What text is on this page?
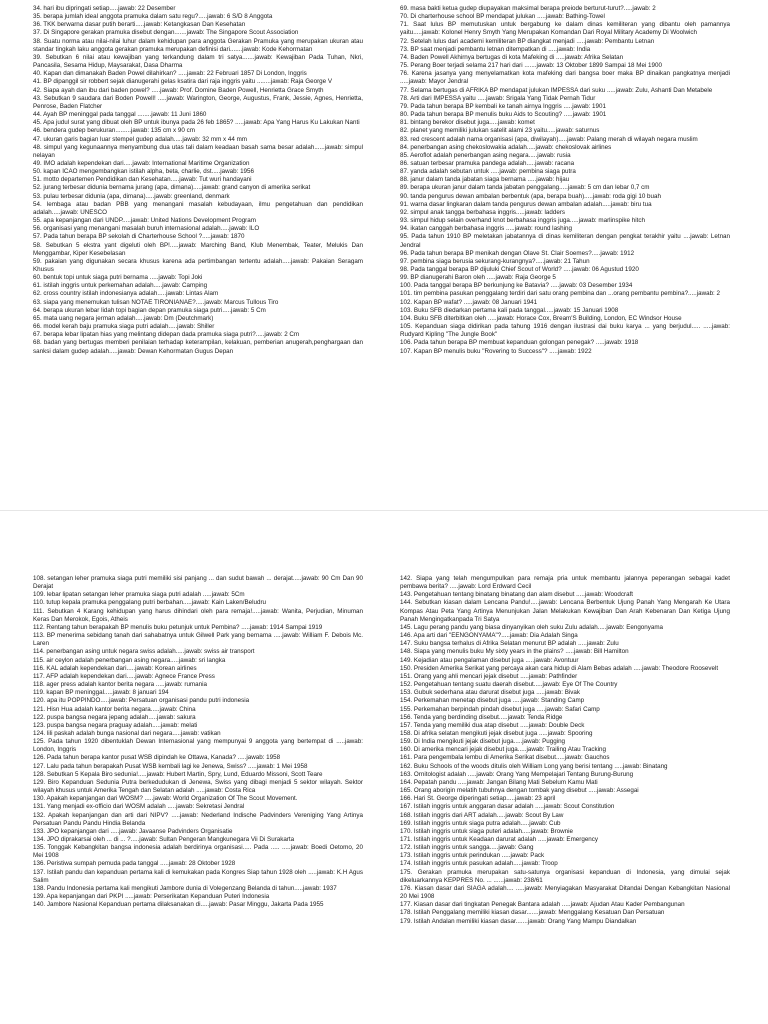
34. hari ibu dipringati setiap.....jawab: 22 Desember

35. berapa jumlah ideal anggota pramuka dalam satu regu?.....jawab: 6 S/D 8 Anggota

36. TKK berwarna dasar putih berarti.....jawab: Ketangkasan Dan Kesehatan

37. Di Singapore gerakan pramuka disebut dengan.......jawab: The Singapore Scout Association

38. Suatu norma atau nilai-nilai luhur dalam kehidupan para anggota Gerakan Pramuka yang merupakan ukuran atau standar tingkah laku anggota gerakan pramuka merupakan definisi dari.......jawab: Kode Kehormatan

39. Sebutkan 6 nilai atau kewajiban yang terkandung dalam tri satya.......jawab: Kewajiban Pada Tuhan, Nkri, Pancasila, Sesama Hidup, Maysarakat, Dasa Dharma

40. Kapan dan dimanakah Baden Powel dilahirkan? .....jawab: 22 Februari 1857 Di London, Inggris

41. BP dipanggil sir robbert sejak dianugerahi gelas ksatira dari raja inggris yaitu ........jawab: Raja George V

42. Siapa ayah dan ibu dari baden powel? .....jawab: Prof. Domine Baden Powell, Henrietta Grace Smyth

43. Sebutkan 9 saudara dari Boden Powell! .....jawab: Warington, George, Augustus, Frank, Jessie, Agnes, Henrietta, Penrose, Baden Flatcher

44. Ayah BP meninggal pada tanggal ........jawab: 11 Juni 1860

45. Apa judul surat yang dibuat oleh BP untuk ibunya pada 26 feb 1865? .....jawab: Apa Yang Harus Ku Lakukan Nanti

46. bendera gudep berukuran.........jawab: 135 cm x 90 cm

47. ukuran garis bagian luar stempel gudep adalah.....jawab: 32 mm x 44 mm

48. simpul yang kegunaannya menyambung dua utas tali dalam keadaan basah sama besar adalah......jawab: simpul nelayan

49. IMO adalah kependekan dari.....jawab: International Maritime Organization

50. kapan ICAO mengembangkan istilah alpha, beta, charlie, dst.....jawab: 1956

51. motto departemen Pendidikan dan Kesehatan.....jawab: Tut wuri handayani

52. jurang terbesar didunia bernama jurang (apa, dimana).....jawab: grand canyon di amerika serikat

53. pulau terbesar didunia (apa, dimana).....jawab: greenland, denmark

54. lembaga atau badan PBB yang menangani masalah kebudayaan, ilmu pengetahuan dan pendidikan adalah.....jawab: UNESCO

55. apa kepanjangan dari UNDP.....jawab: United Nations Development Program

56. organisasi yang menangani masalah buruh internasional adalah.....jawab: ILO

57. Pada tahun berapa BP sekolah di Charterhouse School ?.....jawab: 1870

58. Sebutkan 5 ekstra yant digeluti oleh BP!.....jawab: Marching Band, Klub Menembak, Teater, Melukis Dan Menggambar, Kiper Kesebelasan

59. pakaian yang digunakan secara khusus karena ada pertimbangan tertentu adalah.....jawab: Pakaian Seragam Khusus

60. bentuk topi untuk siaga putri bernama .....jawab: Topi Joki

61. istilah inggris untuk perkemahan adalah.....jawab: Camping

62. cross country istilah indonesianya adalah.....jawab: Lintas Alam

63. siapa yang menemukan tulisan NOTAE TIRONIANAE?.....jawab: Marcus Tullous Tiro

64. berapa ukuran lebar lidah topi bagian depan pramuka siaga putri.....jawab: 5 Cm

65. mata uang negara jerman adalah.....jawab: Dm (Deutchmark)

66. model kerah baju pramuka siaga putri adalah.....jawab: Shiller

67. berapa lebar lipatan hias yang melintang didepan dada pramuka siaga putri?.....jawab: 2 Cm

68. badan yang bertugas memberi penilaian terhadap keterampilan, kelakuan, pemberian anugerah,penghargaan dan sanksi dalam gudep adalah.....jawab: Dewan Kehormatan Gugus Depan

69. masa bakti ketua gudep diupayakan maksimal berapa preiode berturut-turut?.....jawab: 2

70. Di charterhouse school BP mendapat julukan .....jawab: Bathing-Towel

71. Saat lulus BP memutuskan untuk bergabung ke dalam dinas kemiliteran yang dibantu oleh pamannya yaitu.....jawab: Kolonel Henry Smyth Yang Merupakan Komandan Dari Royal Military Academy Di Woolwich

72. Setelah lulus dari academi kemiliteran BP diangkat menjadi .....jawab: Pembantu Letnan

73. BP saat menjadi pembantu letnan ditempatkan di .....jawab: India

74. Baden Powell Akhirnya bertugas di kota Mafeking di .....jawab: Afrika Selatan

75. Perang Boer terjadi selama 217 hari dari .......jawab: 13 Oktober 1899 Sampai 18 Mei 1900

76. Karena jasanya yang menyelamatkan kota mafeking dari bangsa boer maka BP dinaikan pangkatnya menjadi .....jawab: Mayor Jendral

77. Selama bertugas di AFRIKA BP mendapat julukan IMPESSA dari suku .....jawab: Zulu, Ashanti Dan Metabele

78. Arti dari IMPESSA yaitu .....jawab: Srigala Yang Tidak Pernah Tidur

79. Pada tahun berapa BP kembali ke tanah airnya Inggris .....jawab: 1901

80. Pada tahun berapa BP menulis buku Aids to Scouting? .....jawab: 1901

81. bintang berekor disebut juga.....jawab: komet

82. planet yang memiliki julukan satelit alami 23 yaitu.....jawab: saturnus

83. red crescent adalah nama organisasi (apa, diwilayah).....jawab: Palang merah di wilayah negara muslim

84. penerbangan asing chekoslowakia adalah.....jawab: chekoslovak airlines

85. Aeroflot adalah penerbangan asing negara.....jawab: rusia

86. satuan terbesar pramuka pandega adalah.....jawab: racana

87. yanda adalah sebutan untuk .....jawab: pembina siaga putra

88. janur dalam tanda jabatan siaga bernama .....jawab: hijau

89. berapa ukuran janur dalam tanda jabatan penggalang.....jawab: 5 cm dan lebar 0,7 cm

90. tanda pengurus dewan ambalan berbentuk (apa, berapa buah).....jawab: roda gigi 10 buah

91. warna dasar lingkaran dalam tanda pengurus dewan ambalan adalah.....jawab: biru tua

92. simpul anak tangga berbahasa inggris.....jawab: ladders

93. simpul hidup selain overhand knot berbahasa inggris juga.....jawab: marlinspike hitch

94. ikatan canggah berbahasa inggris .....jawab: round lashing

95. Pada tahun 1910 BP meletakan jabatannya di dinas kemiliteran dengan pengkat terakhir yaitu ....jawab: Letnan Jendral

96. Pada tahun berapa BP menikah dengan Olave St. Clair Soemes?.....jawab: 1912

97. pembina siaga berusia sekurang-kurangnya?.....jawab: 21 Tahun

98. Pada tanggal berapa BP dijuluki Chief Scout of World? .....jawab: 06 Agustud 1920

99. BP dianugerahi Baron oleh .....jawab: Raja George 5

100. Pada tanggal berapa BP berkunjung ke Batavia? .....jawab: 03 Desember 1934

101. tim pembina pasukan penggalang terdiri dari satu orang pembina dan ...orang pembantu pembina?.....jawab: 2

102. Kapan BP wafat? .....jawab: 08 Januari 1941

103. Buku SFB diedarkan pertama kali pada tanggal.....jawab: 15 Januari 1908

104. Buku SFB diterbitkan oleh .....jawab: Horace Cox, Bream'S Building, London, EC Windsor House

105. Kepanduan siaga didirikan pada tahung 1916 dengan ilustrasi dai buku karya ... yang berjudul..... .....jawab: Rudyard Kipling "The Jungle Book"

106. Pada tahun berapa BP membuat kepanduan golongan penegak? .....jawab: 1918

107. Kapan BP menulis buku "Rovering to Success"? .....jawab: 1922

108. setangan leher pramuka siaga putri memiliki sisi panjang ... dan sudut bawah ... derajat.....jawab: 90 Cm Dan 90 Derajat

109. lebar lipatan setangan leher pramuka siaga putri adalah .....jawab: 5Cm

110. tutup kepala pramuka penggalang putri berbahan.....jawab: Kain Laken/Beludru

111. Sebutkan 4 Karang kehidupan yang harus dihindari oleh para remaja!.....jawab: Wanita, Perjudian, Minuman Keras Dan Merokok, Egois, Atheis

112. Rentang tahun berapakah BP menulis buku petunjuk untuk Pembina? .....jawab: 1914 Sampai 1919

113. BP menerima sebidang tanah dari sahabatnya untuk Gilwell Park yang bernama .....jawab: William F. Debois Mc. Laren

114. penerbangan asing untuk negara swiss adalah.....jawab: swiss air transport

115. air ceylon adalah penerbangan asing negara.....jawab: sri langka

116. KAL adalah kependekan dari.....jawab: Korean airlines

117. AFP adalah kependekan dari.....jawab: Agnece France Press

118. ager press adalah kantor berita negara .....jawab: rumania

119. kapan BP meninggal.....jawab: 8 januari 194

120. apa itu POPPINDO.....jawab: Persatuan organisasi pandu putri indonesia

121. Hisn Hua adalah kantor berita negara.....jawab: China

122. puspa bangsa negara jepang adalah.....jawab: sakura

123. puspa bangsa negara praguay adalah.....jawab: melati

124. lili paskah adalah bunga nasional dari negara.....jawab: vatikan

125. Pada tahun 1920 dibentuklah Dewan Internasional yang mempunyai 9 anggota yang bertempat di .....jawab: London, Inggris

126. Pada tahun berapa kantor pusat WSB dipindah ke Ottawa, Kanada? .....jawab: 1958

127. Lalu pada tahun berapakah Pusat WSB kembali lagi ke Jenewa, Swiss? .....jawab: 1 Mei 1958

128. Sebutkan 5 Kepala Biro sedunia!.....jawab: Hubert Martin, Spry, Lund, Eduardo Missoni, Scott Teare

129. Biro Kepanduan Sedunia Putra berkedudukan di Jenewa, Swiss yang dibagi menjadi 5 sektor wilayah. Sektor wilayah khusus untuk Amerika Tengah dan Selatan adalah .....jawab: Costa Rica

130. Apakah kepanjangan dari WOSM? .....jawab: World Organization Of The Scout Movement.

131. Yang menjadi ex-officio dari WOSM adalah .....jawab: Sekretasi Jendral

132. Apakah kepanjangan dan arti dari NIPV? .....jawab: Nederland Indische Padvinders Vereniging Yang Artinya Persatuan Pandu Pandu Hindia Belanda

133. JPO kepanjangan dari .....jawab: Javaanse Padvinders Organisatie

134. JPO diprakarsai oleh ... di ... ?.....jawab: Sultan Pengeran Mangkunegara Vii Di Surakarta

135. Tonggak Kebangkitan bangsa indonesia adalah berdirinya organisasi..... Pada ..... .....jawab: Boedi Oetomo, 20 Mei 1908

136. Peristiwa sumpah pemuda pada tanggal .....jawab: 28 Oktober 1928

137. Istilah pandu dan kepanduan pertama kali di kemukakan pada Kongres Siap tahun 1928 oleh .....jawab: K.H Agus Salim

138. Pandu Indonesia pertama kali mengikuti Jambore dunia di Volegenzang Belanda di tahun.....jawab: 1937

139. Apa kepanjangan dari PKPI .....jawab: Perserikatan Kepanduan Puteri Indonesia

140. Jambore Nasional Kepanduan pertama dilaksanakan di.....jawab: Pasar Minggu, Jakarta Pada 1955

142. Siapa yang telah mengumpulkan para remaja pria untuk membantu jalannya peperangan sebagai kadet pembawa berita? .....jawab: Lord Erdward Cecil

143. Pengetahuan tentang binatang binatang dan alam disebut .....jawab: Woodcraft

144. Sebutkan kiasan dalam Lencana Pandu!.....jawab: Lencana Berbentuk Ujung Panah Yang Mengarah Ke Utara Kompas Atau Peta Yang Artinya Menunjukan Jalan Melakukan Kewajiban Dan Arah Kebenaran Dan Ketiga Ujung Panah Mengingatkanpada Tri Satya

145. Lagu perang pandu yang biasa dinyanyikan oleh suku Zulu adalah.....jawab: Eengonyama

146. Apa arti dari "EENGONYAMA"?.....jawab: Dia Adalah Singa

147. Suku bangsa terhalus di Afrika Selatan menurut BP adalah .....jawab: Zulu

148. Siapa yang menulis buku My sixty years in the plains? .....jawab: Bill Hamilton

149. Kejadian atau pengalaman disebut juga .....jawab: Avontuur

150. Presiden Amerika Serikat yang percaya akan cara hidup di Alam Bebas adalah .....jawab: Theodore Roosevelt

151. Orang yang ahli mencari jejak disebut .....jawab: Pathfinder

152. Pengetahuan tentang suatu daerah disebut.....jawab: Eye Of The Country

153. Gubuk sederhana atau darurat disebut juga .....jawab: Bivak

154. Perkemahan menetap disebut juga .....jawab: Standing Camp

155. Perkemahan berpindah pindah disebut juga .....jawab: Safari Camp

156. Tenda yang berdinding disebut.....jawab: Tenda Ridge

157. Tenda yang memiliki dua atap disebut .....jawab: Double Deck

158. Di afrika selatan mengikuti jejak disebut juga .....jawab: Spooring

159. Di India mengikuti jejak disebut juga.....jawab: Pugging

160. Di amerika mencari jejak disebut juga.....jawab: Trailing Atau Tracking

161. Para pengembala lembu di Amerika Serikat disebut.....jawab: Gauchos

162. Buku Schools of the woods ditulis oleh William Long yang berisi tentang .....jawab: Binatang

163. Ornitologist adalah .....jawab: Orang Yang Mempelajari Tentang Burung-Burung

164. Pepatah pandu .....jawab: Jangan Bilang Mati Sebelum Kamu Mati

165. Orang aborigin melatih tubuhnya dengan tombak yang disebut .....jawab: Assegai

166. Hari St. George diperingati setiap.....jawab: 23 april

167. Istilah inggris untuk anggaran dasar adalah .....jawab: Scout Constitution

168. Istilah inggris dari ART adalah.....jawab: Scout By Law

169. Istilah inggris untuk siaga putra adalah.....jawab: Cub

170. Istilah inggris untuk siaga puteri adalah.....jawab: Brownie

171. Istilah inggris untuk Keadaan darurat adalah .....jawab: Emergency

172. Istilah inggris untuk sangga.....jawab: Gang

173. Istilah inggris untuk perindukan .....jawab: Pack

174. Istilah inggris untuk pasukan adalah.....jawab: Troop

175. Gerakan pramuka merupakan satu-satunya organisasi kepanduan di Indonesia, yang dimulai sejak dikeluarkannya KEPPRES No. ... ......jawab: 238/61

176. Kiasan dasar dari SIAGA adalah.... .....jawab: Menyiagakan Masyarakat Ditandai Dengan Kebangkitan Nasional 20 Mei 1908

177. Kiasan dasar dari tingkatan Penegak Bantara adalah .....jawab: Ajudan Atau Kader Pembangunan

178. Istilah Penggalang memiliki kiasan dasar.......jawab: Menggalang Kesatuan Dan Persatuan

179. Istilah Andalan memiliki kiasan dasar.......jawab: Orang Yang Mampu Diandalkan
